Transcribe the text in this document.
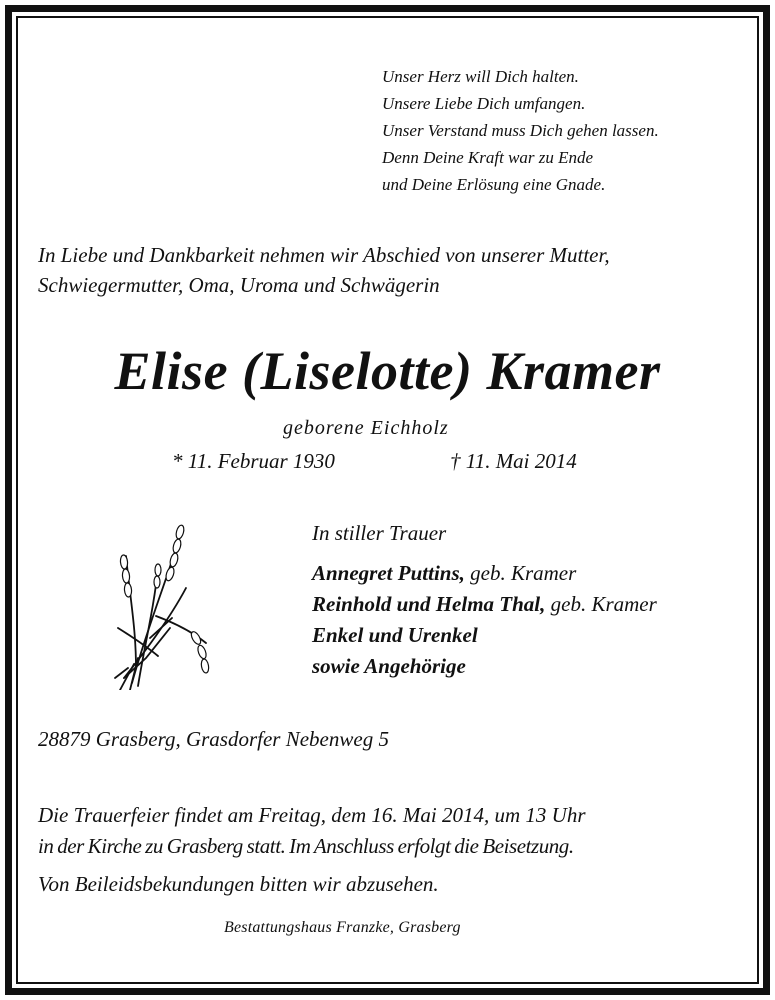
Unser Herz will Dich halten.
Unsere Liebe Dich umfangen.
Unser Verstand muss Dich gehen lassen.
Denn Deine Kraft war zu Ende
und Deine Erlösung eine Gnade.
In Liebe und Dankbarkeit nehmen wir Abschied von unserer Mutter,
Schwiegermutter, Oma, Uroma und Schwägerin
Elise (Liselotte) Kramer
geborene Eichholz
* 11. Februar 1930	† 11. Mai 2014
In stiller Trauer
Annegret Puttins, geb. Kramer
Reinhold und Helma Thal, geb. Kramer
Enkel und Urenkel
sowie Angehörige
28879 Grasberg, Grasdorfer Nebenweg 5
Die Trauerfeier findet am Freitag, dem 16. Mai 2014, um 13 Uhr
in der Kirche zu Grasberg statt. Im Anschluss erfolgt die Beisetzung.
Von Beileidsbekundungen bitten wir abzusehen.
Bestattungshaus Franzke, Grasberg
